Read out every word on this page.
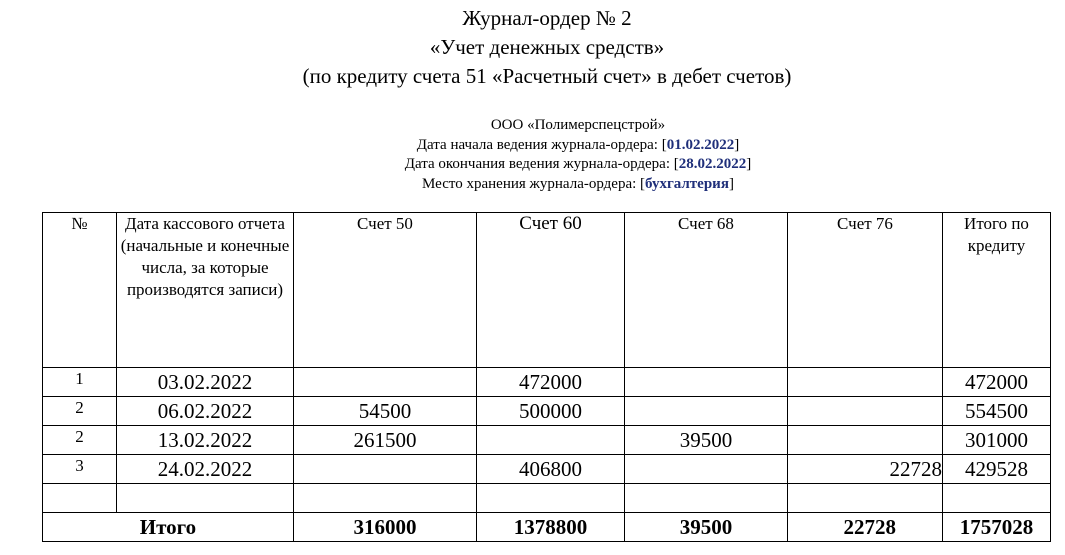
Журнал-ордер № 2
«Учет денежных средств»
(по кредиту счета 51 «Расчетный счет» в дебет счетов)
ООО «Полимерспецстрой»
Дата начала ведения журнала-ордера: [01.02.2022]
Дата окончания ведения журнала-ордера: [28.02.2022]
Место хранения журнала-ордера: [бухгалтерия]
№	Дата кассового отчета (начальные и конечные числа, за которые производятся записи)	Счет 50	Счет 60	Счет 68	Счет 76	Итого по кредиту
1	03.02.2022		472000			472000
2	06.02.2022	54500	500000			554500
2	13.02.2022	261500		39500		301000
3	24.02.2022		406800		22728	429528

Итого		316000	1378800	39500	22728	1757028
